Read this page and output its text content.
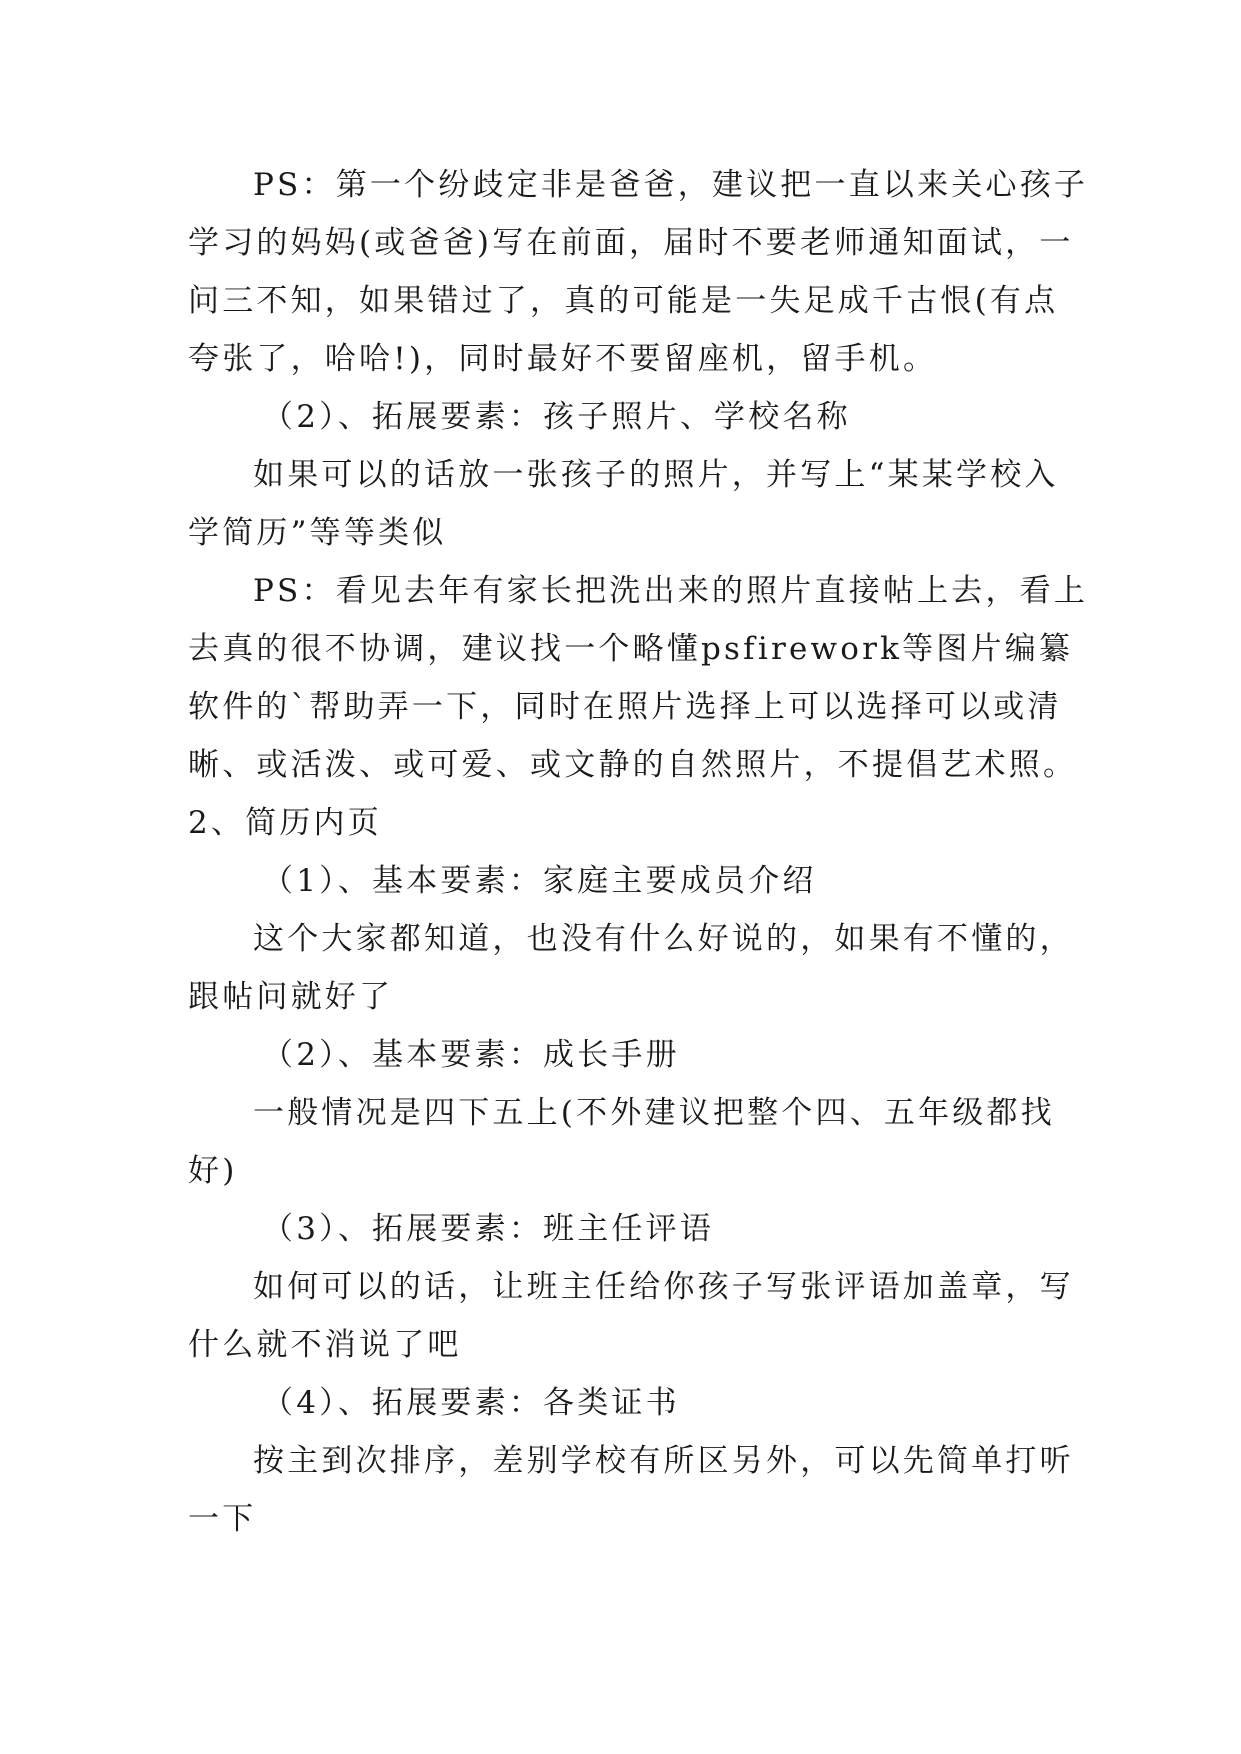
PS：第一个纷歧定非是爸爸，建议把一直以来关心孩子
学习的妈妈(或爸爸)写在前面，届时不要老师通知面试，一
问三不知，如果错过了，真的可能是一失足成千古恨(有点
夸张了，哈哈!)，同时最好不要留座机，留手机。
（2）、拓展要素：孩子照片、学校名称
如果可以的话放一张孩子的照片，并写上“某某学校入
学简历”等等类似
PS：看见去年有家长把洗出来的照片直接帖上去，看上
去真的很不协调，建议找一个略懂psfirework等图片编纂
软件的`帮助弄一下，同时在照片选择上可以选择可以或清
晰、或活泼、或可爱、或文静的自然照片，不提倡艺术照。
2、简历内页
（1）、基本要素：家庭主要成员介绍
这个大家都知道，也没有什么好说的，如果有不懂的，
跟帖问就好了
（2）、基本要素：成长手册
一般情况是四下五上(不外建议把整个四、五年级都找
好)
（3）、拓展要素：班主任评语
如何可以的话，让班主任给你孩子写张评语加盖章，写
什么就不消说了吧
（4）、拓展要素：各类证书
按主到次排序，差别学校有所区另外，可以先简单打听
一下
